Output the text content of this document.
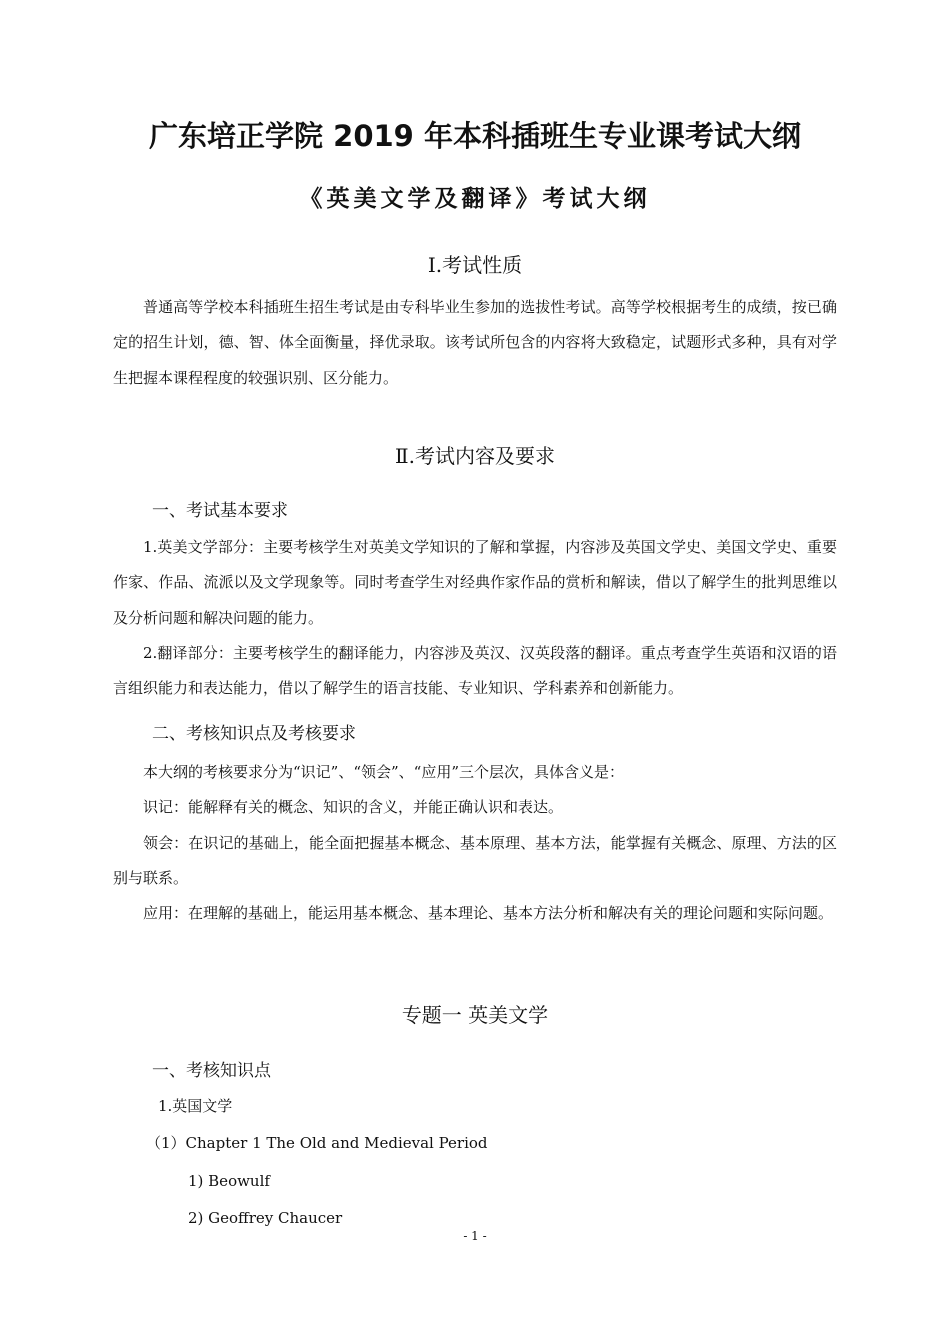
广东培正学院 2019 年本科插班生专业课考试大纲
《英美文学及翻译》考试大纲
Ⅰ.考试性质
普通高等学校本科插班生招生考试是由专科毕业生参加的选拔性考试。高等学校根据考生的成绩，按已确定的招生计划，德、智、体全面衡量，择优录取。该考试所包含的内容将大致稳定，试题形式多种，具有对学生把握本课程程度的较强识别、区分能力。
Ⅱ.考试内容及要求
一、考试基本要求
1.英美文学部分：主要考核学生对英美文学知识的了解和掌握，内容涉及英国文学史、美国文学史、重要作家、作品、流派以及文学现象等。同时考查学生对经典作家作品的赏析和解读，借以了解学生的批判思维以及分析问题和解决问题的能力。
2.翻译部分：主要考核学生的翻译能力，内容涉及英汉、汉英段落的翻译。重点考查学生英语和汉语的语言组织能力和表达能力，借以了解学生的语言技能、专业知识、学科素养和创新能力。
二、考核知识点及考核要求
本大纲的考核要求分为“识记”、“领会”、“应用”三个层次，具体含义是：
识记：能解释有关的概念、知识的含义，并能正确认识和表达。
领会：在识记的基础上，能全面把握基本概念、基本原理、基本方法，能掌握有关概念、原理、方法的区别与联系。
应用：在理解的基础上，能运用基本概念、基本理论、基本方法分析和解决有关的理论问题和实际问题。
专题一 英美文学
一、考核知识点
1.英国文学
（1）Chapter 1 The Old and Medieval Period
1) Beowulf
2) Geoffrey Chaucer
- 1 -
